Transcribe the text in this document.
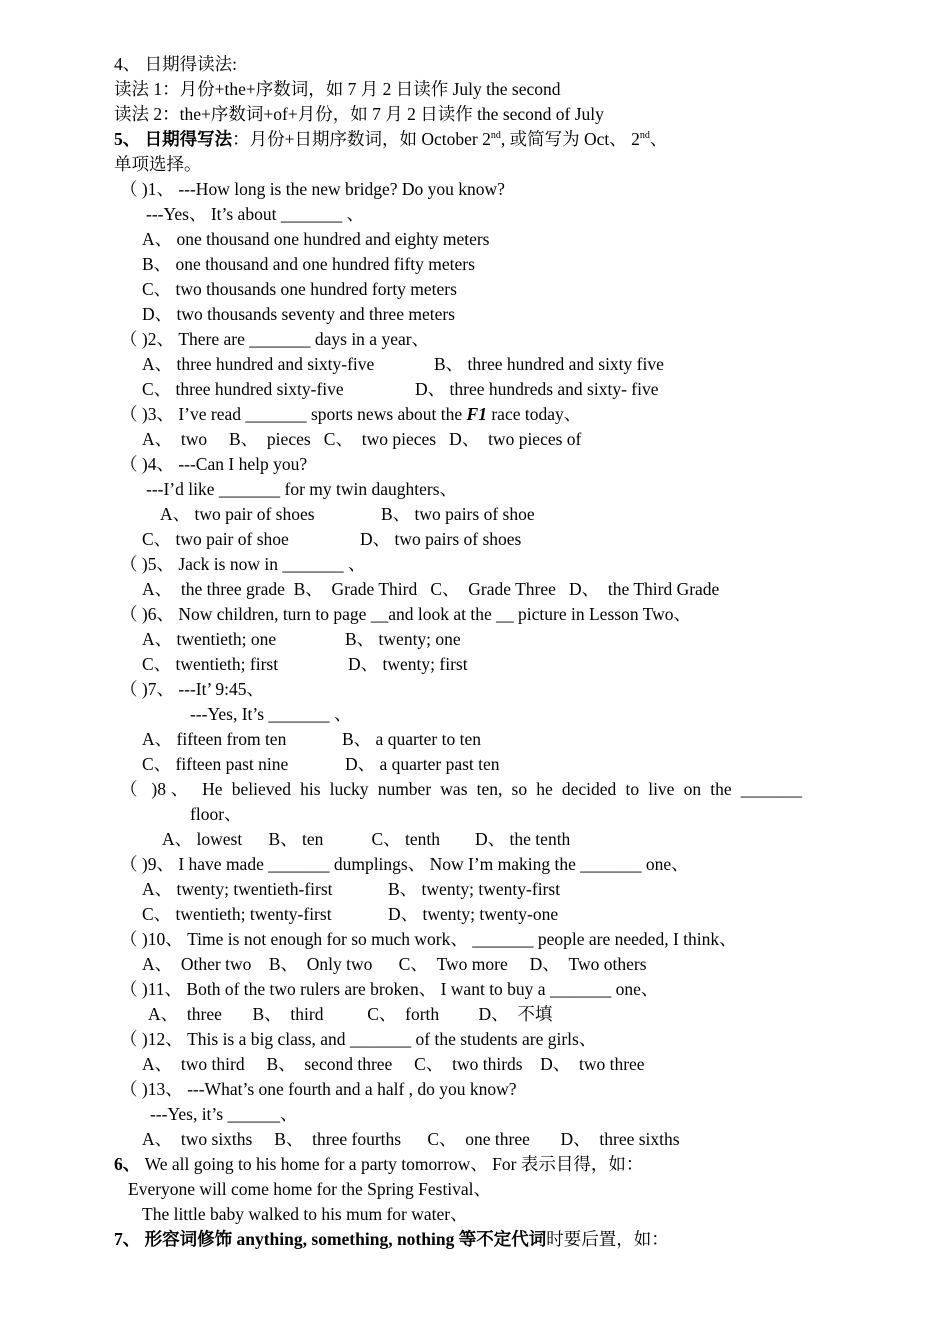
4、 日期得读法:
读法 1：月份+the+序数词，如 7 月 2 日读作 July the second
读法 2：the+序数词+of+月份，如 7 月 2 日读作 the second of July
5、 日期得写法：月份+日期序数词，如 October 2nd, 或简写为 Oct、 2nd、
单项选择。
（ )1、 ---How long is the new bridge? Do you know?
---Yes、 It’s about _______ 、
A、 one thousand one hundred and eighty meters
B、 one thousand and one hundred fifty meters
C、 two thousands one hundred forty meters
D、 two thousands seventy and three meters
（ )2、 There are _______ days in a year、
A、 three hundred and sixty-five	B、 three hundred and sixty five
C、 three hundred sixty-five	D、 three hundreds and sixty- five
（ )3、 I’ve read _______ sports news about the F1 race today、
A、  two     B、  pieces   C、  two pieces   D、  two pieces of
（ )4、 ---Can I help you?
---I’d like _______ for my twin daughters、
A、 two pair of shoes	B、 two pairs of shoe
C、 two pair of shoe	D、 two pairs of shoes
（ )5、 Jack is now in _______ 、
A、  the three grade  B、  Grade Third   C、  Grade Three   D、  the Third Grade
（ )6、 Now children, turn to page __and look at the __ picture in Lesson Two、
A、 twentieth; one	B、 twenty; one
C、 twentieth; first	D、 twenty; first
（ )7、 ---It’ 9:45、
---Yes, It’s _______ 、
A、 fifteen from ten	B、 a quarter to ten
C、 fifteen past nine	D、 a quarter past ten
（ )8、 He believed his lucky number was ten, so he decided to live on the _______
floor、
A、 lowest      B、 ten           C、 tenth        D、 the tenth
（ )9、 I have made _______ dumplings、 Now I’m making the _______ one、
A、 twenty; twentieth-first	B、 twenty; twenty-first
C、 twentieth; twenty-first	D、 twenty; twenty-one
（ )10、 Time is not enough for so much work、 _______ people are needed, I think、
A、  Other two    B、  Only two      C、  Two more     D、  Two others
（ )11、 Both of the two rulers are broken、 I want to buy a _______ one、
A、  three       B、  third          C、  forth         D、  不填
（ )12、 This is a big class, and _______ of the students are girls、
A、  two third     B、  second three     C、  two thirds    D、  two three
（ )13、 ---What’s one fourth and a half , do you know?
---Yes, it’s ______、
A、  two sixths     B、  three fourths      C、  one three       D、  three sixths
6、 We all going to his home for a party tomorrow、 For 表示目得，如：
Everyone will come home for the Spring Festival、
The little baby walked to his mum for water、
7、 形容词修饰 anything, something, nothing 等不定代词时要后置，如：
